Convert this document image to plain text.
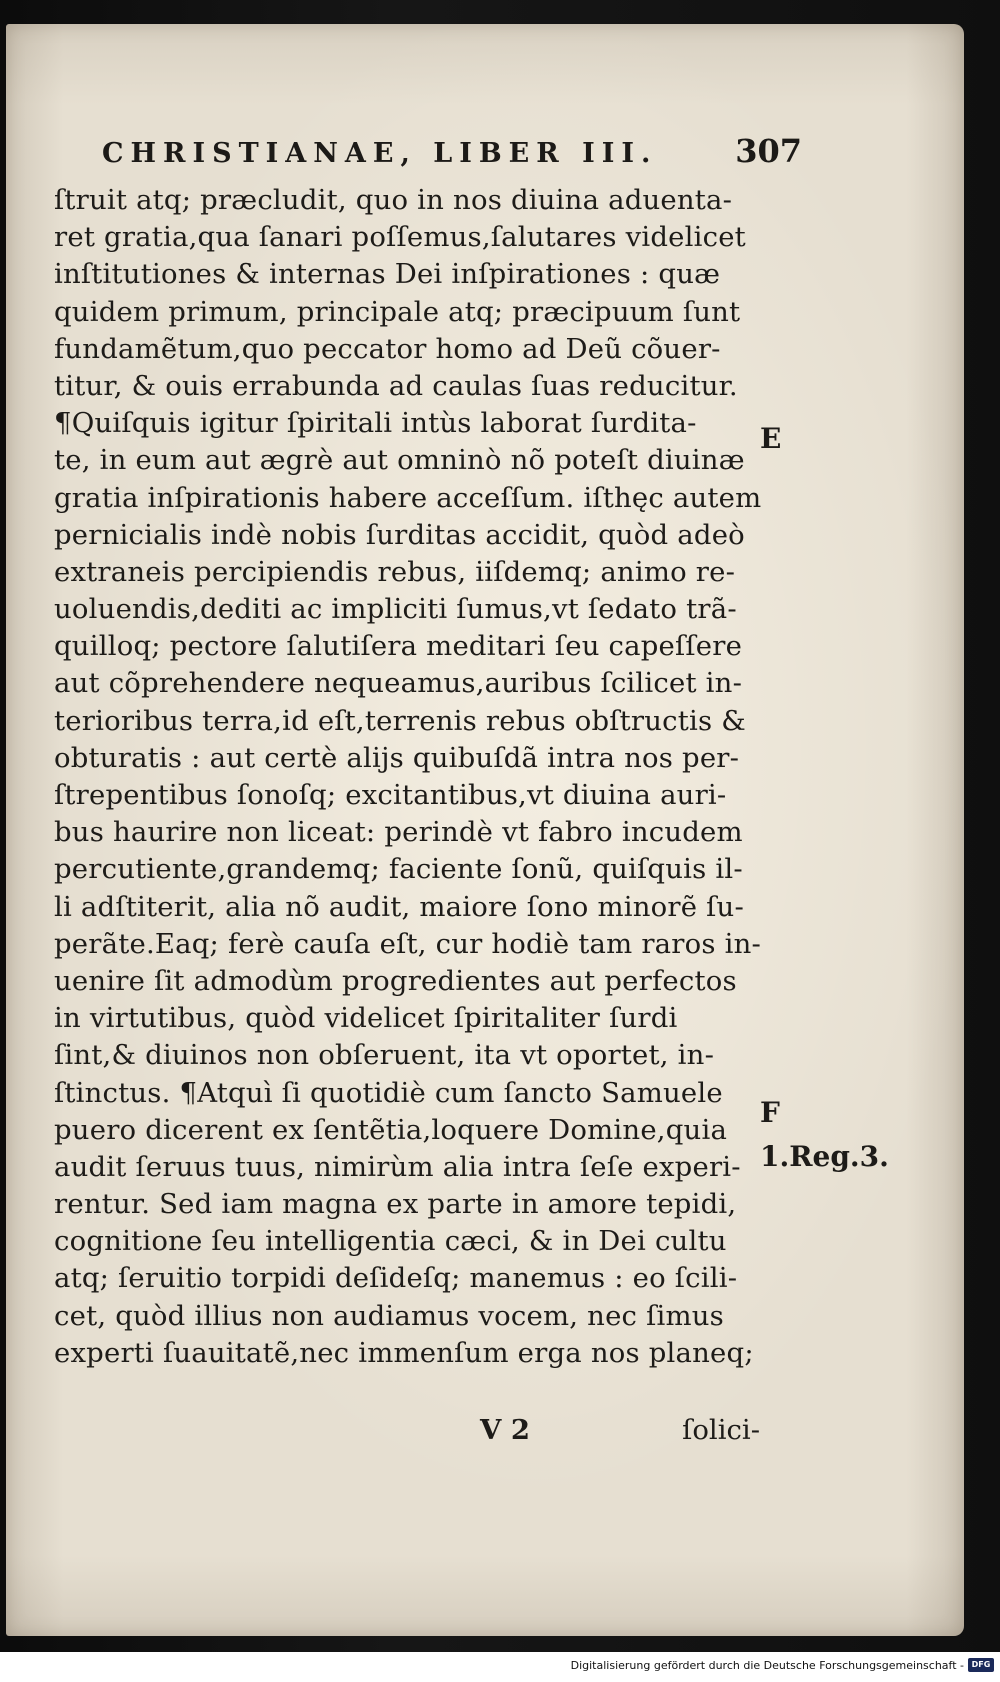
CHRISTIANAE, LIBER III. 307
ſtruit atq; præcludit, quo in nos diuina aduenta-
ret gratia,qua ſanari poſſemus,ſalutares videlicet
inſtitutiones & internas Dei inſpirationes : quæ
quidem primum, principale atq; præcipuum ſunt
fundamẽtum,quo peccator homo ad Deũ cõuer-
titur, & ouis errabunda ad caulas ſuas reducitur.
¶Quiſquis igitur ſpiritali intùs laborat ſurdita-
te, in eum aut ægrè aut omninò nõ poteſt diuinæ
gratia inſpirationis habere acceſſum. iſthęc autem
pernicialis indè nobis ſurditas accidit, quòd adeò
extraneis percipiendis rebus, iiſdemq; animo re-
uoluendis,dediti ac impliciti ſumus,vt ſedato trã-
quilloq; pectore ſalutiſera meditari ſeu capeſſere
aut cõprehendere nequeamus,auribus ſcilicet in-
terioribus terra,id eſt,terrenis rebus obſtructis &
obturatis : aut certè alijs quibuſdã intra nos per-
ſtrepentibus ſonoſq; excitantibus,vt diuina auri-
bus haurire non liceat: perindè vt fabro incudem
percutiente,grandemq; faciente ſonũ, quiſquis il-
li adſtiterit, alia nõ audit, maiore ſono minorẽ ſu-
perãte.Eaq; ferè cauſa eſt, cur hodiè tam raros in-
uenire ſit admodùm progredientes aut perfectos
in virtutibus, quòd videlicet ſpiritaliter ſurdi
ſint,& diuinos non obſeruent, ita vt oportet, in-
ſtinctus. ¶Atquì ſi quotidiè cum ſancto Samuele
puero dicerent ex ſentẽtia,loquere Domine,quia
audit ſeruus tuus, nimirùm alia intra ſeſe experi-
rentur. Sed iam magna ex parte in amore tepidi,
cognitione ſeu intelligentia cæci, & in Dei cultu
atq; ſeruitio torpidi deſideſq; manemus : eo ſcili-
cet, quòd illius non audiamus vocem, nec ſimus
experti ſuauitatẽ,nec immenſum erga nos planeq;
E
F
1.Reg.3.
V 2	ſolici-
Digitalisierung gefördert durch die Deutsche Forschungsgemeinschaft - DFG
